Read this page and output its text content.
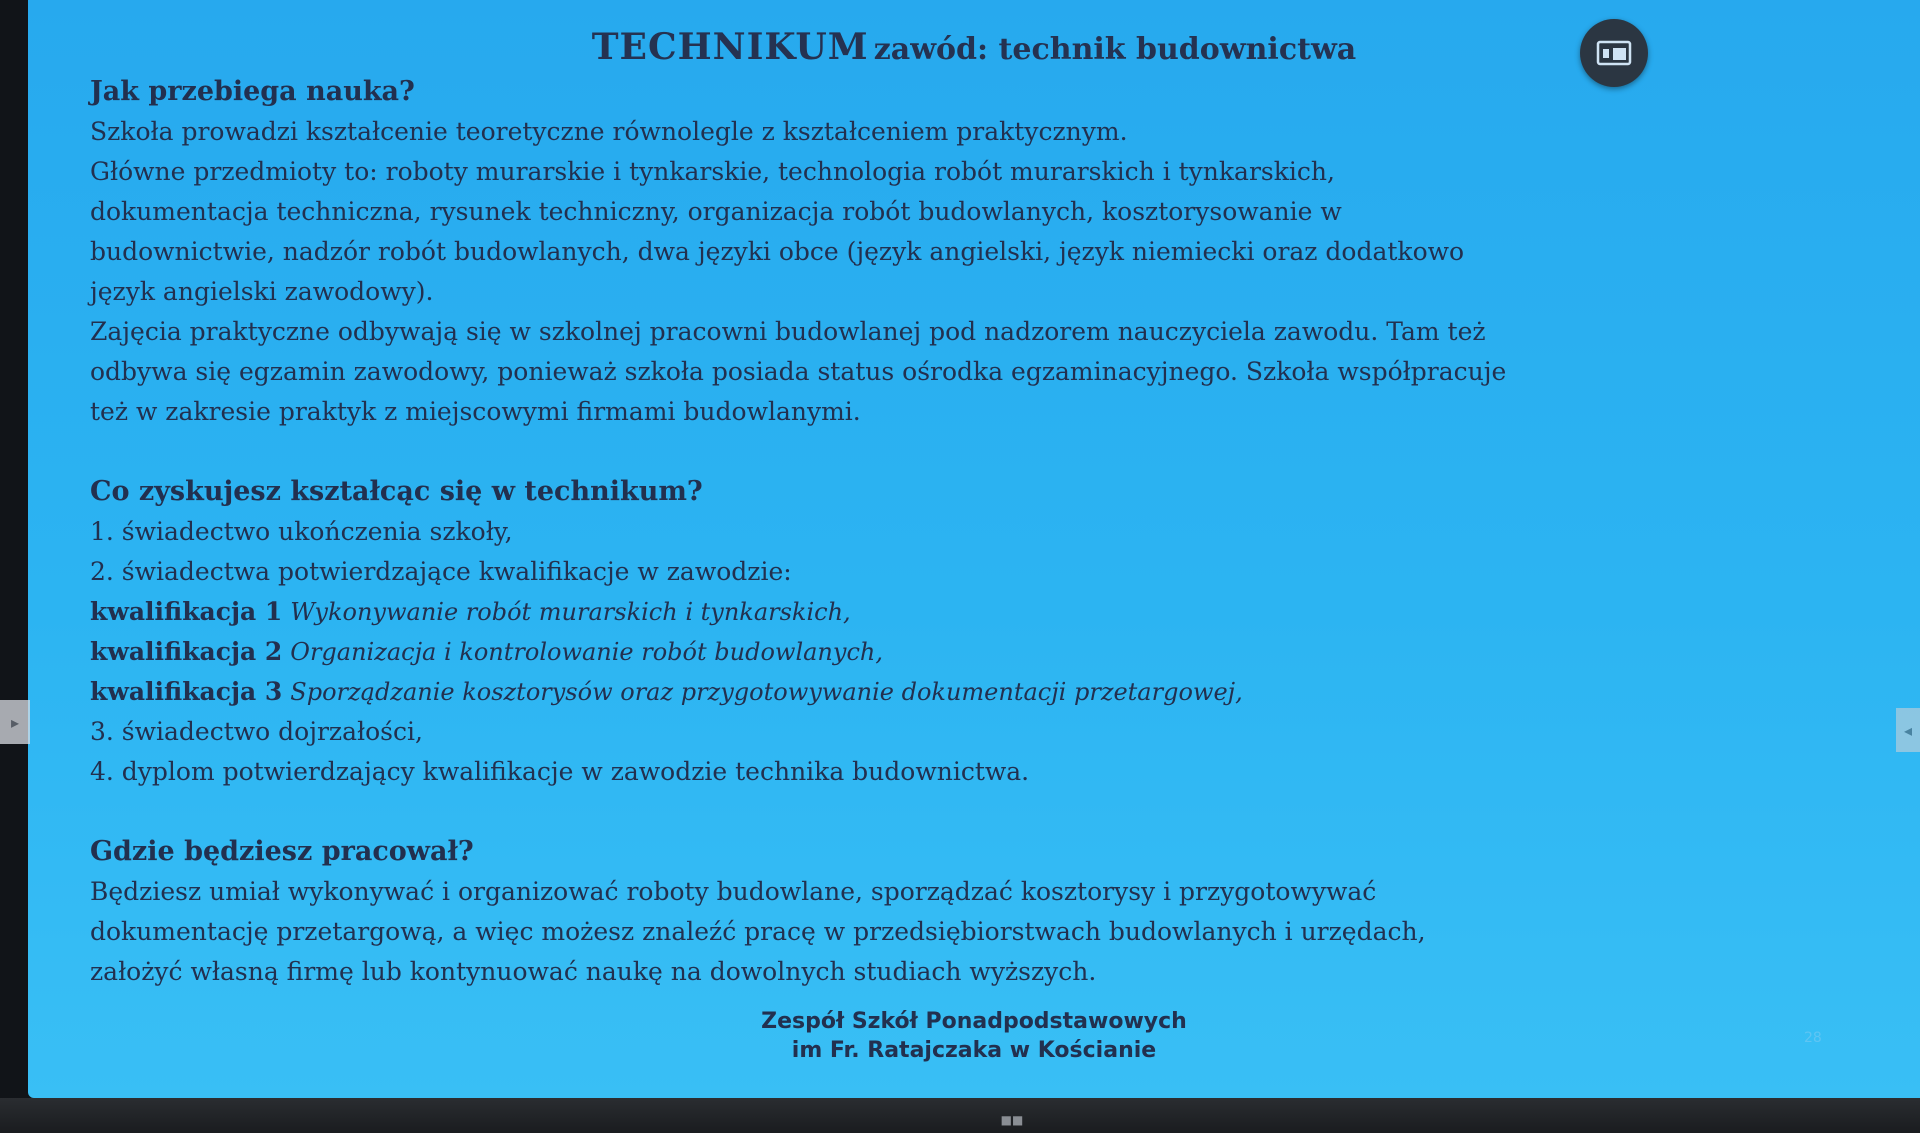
TECHNIKUM zawód: technik budownictwa

Jak przebiega nauka?

Szkoła prowadzi kształcenie teoretyczne równolegle z kształceniem praktycznym.

Główne przedmioty to: roboty murarskie i tynkarskie, technologia robót murarskich i tynkarskich,

dokumentacja techniczna, rysunek techniczny, organizacja robót budowlanych, kosztorysowanie w

budownictwie, nadzór robót budowlanych, dwa języki obce (język angielski, język niemiecki oraz dodatkowo

język angielski zawodowy).

Zajęcia praktyczne odbywają się w szkolnej pracowni budowlanej pod nadzorem nauczyciela zawodu. Tam też

odbywa się egzamin zawodowy, ponieważ szkoła posiada status ośrodka egzaminacyjnego. Szkoła współpracuje

też w zakresie praktyk z miejscowymi firmami budowlanymi.

Co zyskujesz kształcąc się w technikum?

1. świadectwo ukończenia szkoły,

2. świadectwa potwierdzające kwalifikacje w zawodzie:

kwalifikacja 1 Wykonywanie robót murarskich i tynkarskich,

kwalifikacja 2 Organizacja i kontrolowanie robót budowlanych,

kwalifikacja 3 Sporządzanie kosztorysów oraz przygotowywanie dokumentacji przetargowej,

3. świadectwo dojrzałości,

4. dyplom potwierdzający kwalifikacje w zawodzie technika budownictwa.

Gdzie będziesz pracował?

Będziesz umiał wykonywać i organizować roboty budowlane, sporządzać kosztorysy i przygotowywać

dokumentację przetargową, a więc możesz znaleźć pracę w przedsiębiorstwach budowlanych i urzędach,

założyć własną firmę lub kontynuować naukę na dowolnych studiach wyższych.

Zespół Szkół Ponadpodstawowych
im Fr. Ratajczaka w Kościanie	28
▸	◂
■■
